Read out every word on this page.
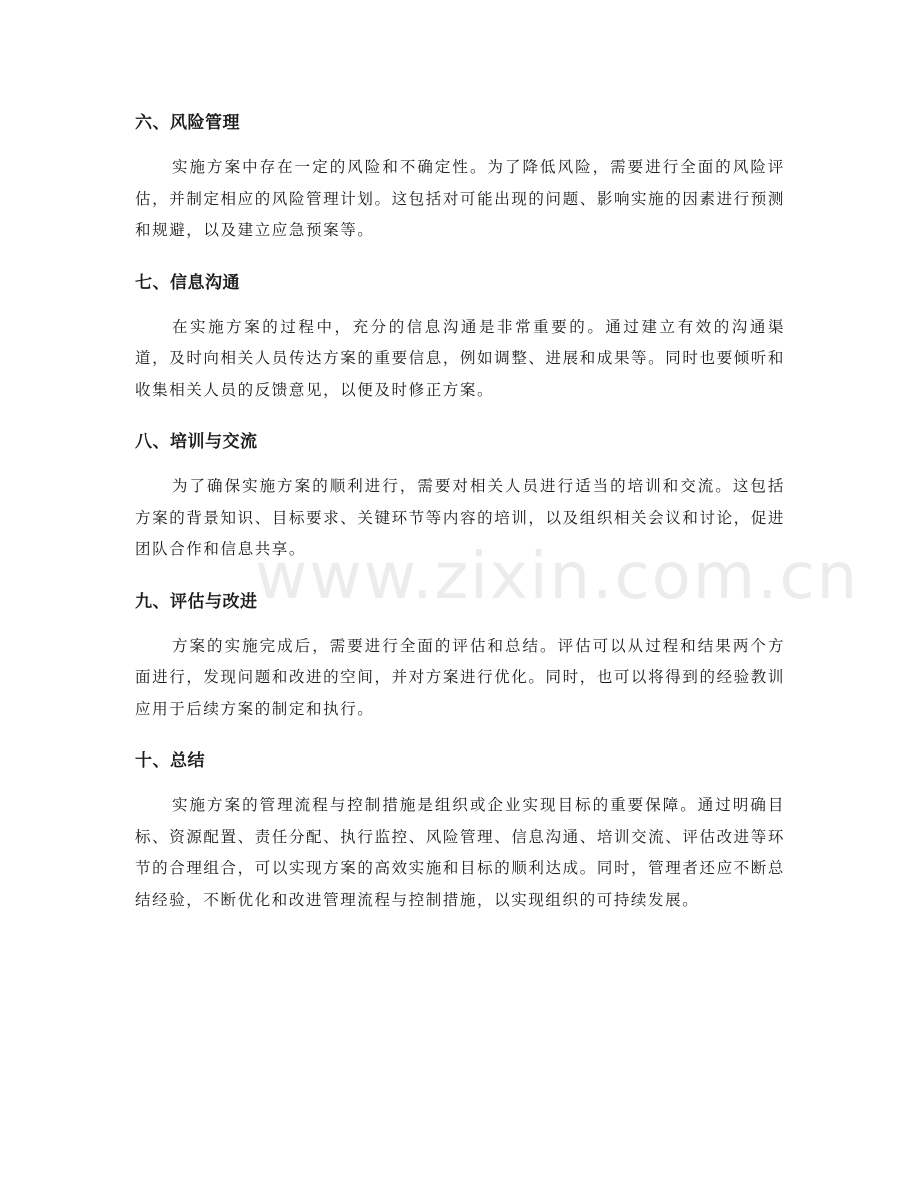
www.zixin.com.cn
六、风险管理

实施方案中存在一定的风险和不确定性。为了降低风险，需要进行全面的风险评估，并制定相应的风险管理计划。这包括对可能出现的问题、影响实施的因素进行预测和规避，以及建立应急预案等。

七、信息沟通

在实施方案的过程中，充分的信息沟通是非常重要的。通过建立有效的沟通渠道，及时向相关人员传达方案的重要信息，例如调整、进展和成果等。同时也要倾听和收集相关人员的反馈意见，以便及时修正方案。

八、培训与交流

为了确保实施方案的顺利进行，需要对相关人员进行适当的培训和交流。这包括方案的背景知识、目标要求、关键环节等内容的培训，以及组织相关会议和讨论，促进团队合作和信息共享。

九、评估与改进

方案的实施完成后，需要进行全面的评估和总结。评估可以从过程和结果两个方面进行，发现问题和改进的空间，并对方案进行优化。同时，也可以将得到的经验教训应用于后续方案的制定和执行。

十、总结

实施方案的管理流程与控制措施是组织或企业实现目标的重要保障。通过明确目标、资源配置、责任分配、执行监控、风险管理、信息沟通、培训交流、评估改进等环节的合理组合，可以实现方案的高效实施和目标的顺利达成。同时，管理者还应不断总结经验，不断优化和改进管理流程与控制措施，以实现组织的可持续发展。
